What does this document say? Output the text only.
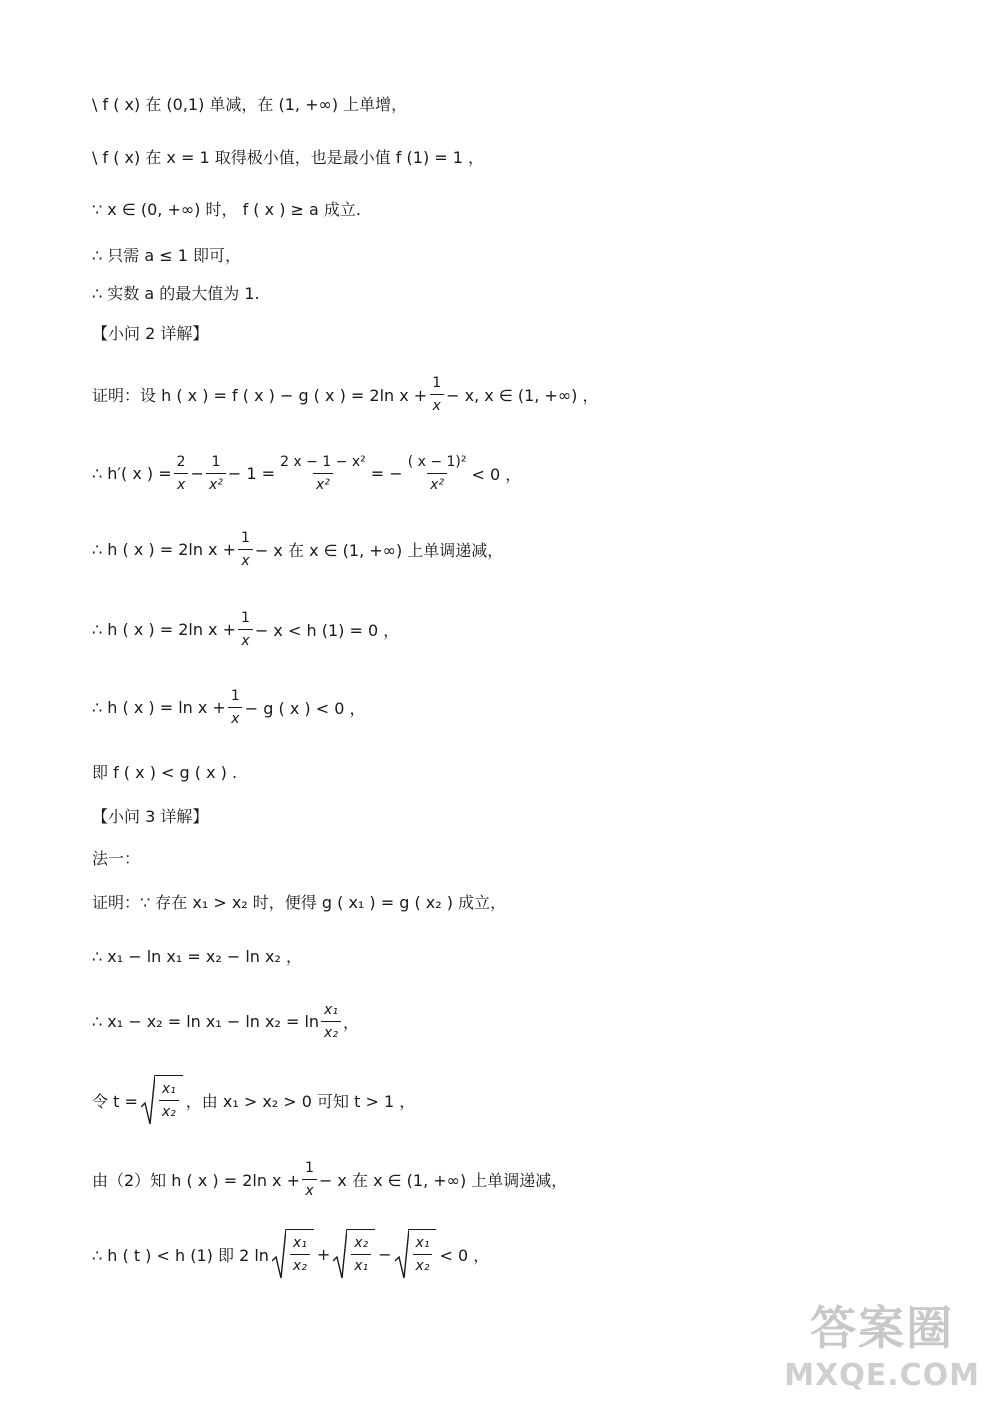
\ f ( x) 在 (0,1) 单减，在 (1, +∞) 上单增，
\ f ( x) 在 x = 1 取得极小值，也是最小值 f (1) = 1 ，
∵ x ∈ (0, +∞) 时， f ( x ) ≥ a 成立.
∴ 只需 a ≤ 1 即可，
∴ 实数 a 的最大值为 1.
【小问 2 详解】
证明：设 h ( x ) = f ( x ) − g ( x ) = 2ln $x + \frac{1}{x} - x$, x ∈ (1, +∞) ，
∴ h′( x ) = $\frac{2}{x} - \frac{1}{\text{x²}} - 1 = \frac{\text{2 x − 1 − x²}}{\text{x²}}$ = − $\frac{\text{( x − 1)²}}{\text{x²}} < 0$ ，
∴ h ( x ) = 2ln $x + \frac{1}{x} - x$ 在 x ∈ (1, +∞) 上单调递减，
∴ h ( x ) = 2ln $x + \frac{1}{x} - x < h$ (1) = 0 ，
∴ h ( x ) = $\ln x + \frac{1}{x} - g$ ( x ) < 0 ，
即 f ( x ) < g ( x ) .
【小问 3 详解】
法一：
证明：∵ 存在 x₁ > x₂ 时，便得 g ( x₁ ) = g ( x₂ ) 成立，
∴ x₁ − ln x₁ = x₂ − ln x₂ ，
∴ $x_1 - x_2 = \ln x_1 - \ln x_2 = \ln \frac{\text{x₁}}{\text{x₂}}$ ，
令 $t = \frac{\text{x₁}}{\text{x₂}}$ ，由 x₁ > x₂ > 0 可知 t > 1 ，
由（2）知 h ( x ) = 2ln $x + \frac{1}{x} - x$ 在 x ∈ (1, +∞) 上单调递减，
∴ h ( t ) < h (1) 即 2 $\ln \frac{\text{x₁}}{\text{x₂}} + \frac{\text{x₂}}{\text{x₁}} - \frac{\text{x₁}}{\text{x₂}} < 0$ ，
答案圈
MXQE.COM
